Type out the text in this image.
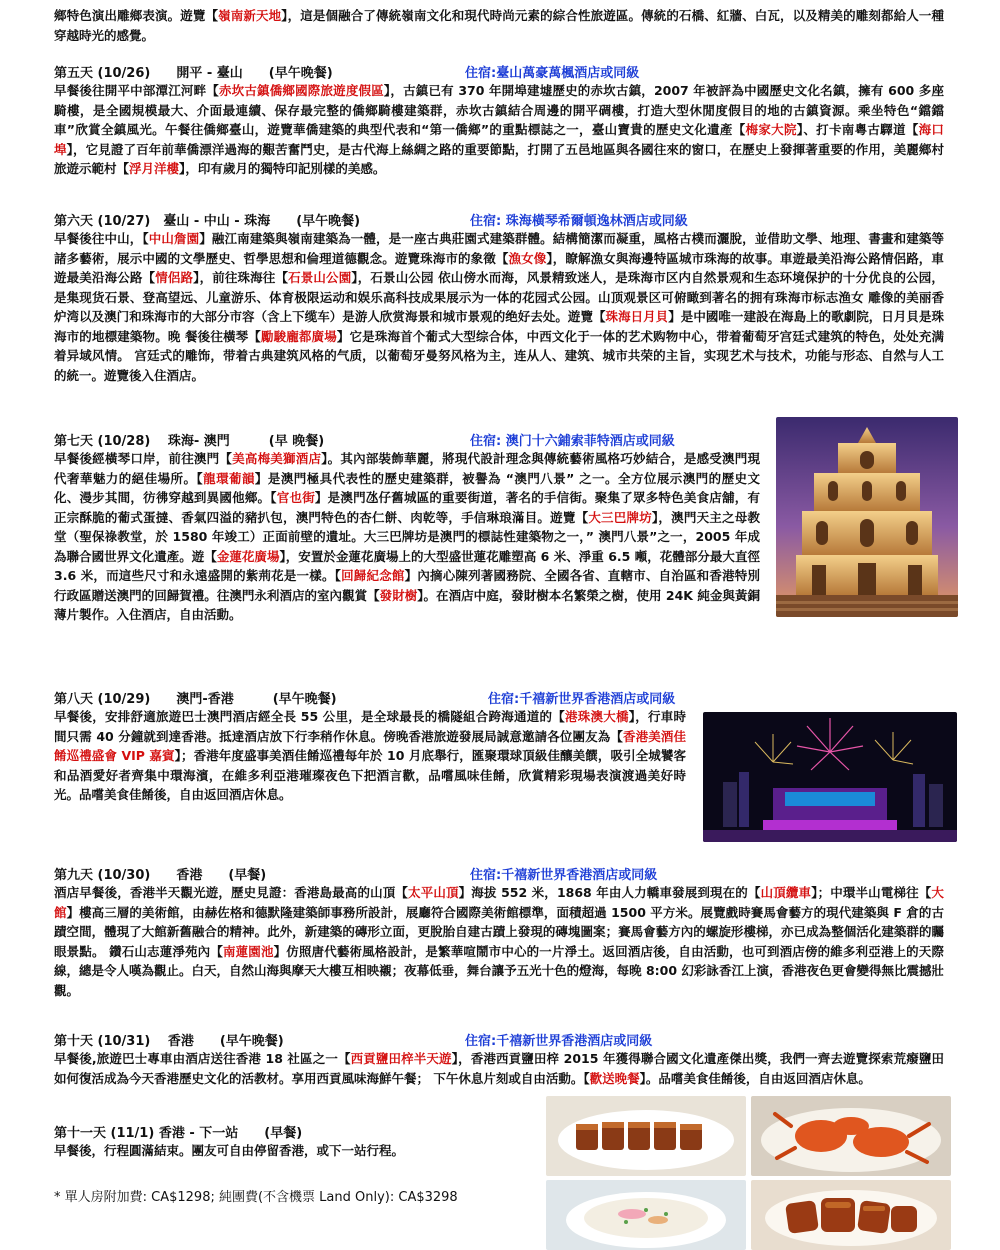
鄉特色演出雕鄉表演。遊覽【嶺南新天地】，這是個融合了傳統嶺南文化和現代時尚元素的綜合性旅遊區。傳統的石橋、紅牆、白瓦，以及精美的雕刻都給人一種穿越時光的感覺。

第五天 (10/26)　　開平 - 臺山　　(早午晚餐)	住宿:臺山萬豪萬楓酒店或同級

早餐後往開平中部潭江河畔【赤坎古鎮僑鄉國際旅遊度假區】，古鎮已有 370 年開埠建墟歷史的赤坎古鎮，2007 年被評為中國歷史文化名鎮，擁有 600 多座騎樓，是全國規模最大、介面最連續、保存最完整的僑鄉騎樓建築群，赤坎古鎮結合周邊的開平碉樓，打造大型休閒度假目的地的古鎮資源。乘坐特色“鐺鐺車”欣賞全鎮風光。午餐往僑鄉臺山，遊覽華僑建築的典型代表和“第一僑鄉”的重點標誌之一，臺山寶貴的歷史文化遺產【梅家大院】、打卡南粵古驛道【海口埠】，它見證了百年前華僑漂洋過海的艱苦奮鬥史，是古代海上絲綢之路的重要節點，打開了五邑地區與各國往來的窗口，在歷史上發揮著重要的作用，美麗鄉村旅遊示範村【浮月洋樓】，印有歲月的獨特印記別樣的美感。

第六天 (10/27)　臺山 - 中山 - 珠海　　(早午晚餐)	住宿: 珠海橫琴希爾頓逸林酒店或同級

早餐後往中山，【中山詹園】融江南建築與嶺南建築為一體，是一座古典莊園式建築群體。結構簡潔而凝重，風格古樸而灑脫，並借助文學、地理、書畫和建築等諸多藝術，展示中國的文學歷史、哲學思想和倫理道德觀念。遊覽珠海市的象徵【漁女像】，瞭解漁女與海邊特區城市珠海的故事。車遊最美沿海公路情侶路，車遊最美沿海公路【情侶路】，前往珠海往【石景山公園】，石景山公园 依山傍水而海，风景精致迷人，是珠海市区内自然景观和生态环境保护的十分优良的公园，是集现货石景、登高望远、儿童游乐、体育极限运动和娱乐高科技成果展示为一体的花园式公园。山顶观景区可俯瞰到著名的拥有珠海市标志渔女 雕像的美丽香炉湾以及澳门和珠海市的大部分市容（含上下缆车）是游人欣赏海景和城市景观的绝好去处。遊覽【珠海日月貝】是中國唯一建設在海島上的歌劇院，日月貝是珠海市的地標建築物。晚 餐後往橫琴【勵駿龐都廣場】它是珠海首个葡式大型综合体，中西文化于一体的艺术购物中心，带着葡萄牙宫廷式建筑的特色，处处充满着异域风情。 宫廷式的雕饰，带着古典建筑风格的气质，以葡萄牙曼努风格为主，连从人、建筑、城市共荣的主旨，实现艺术与技术，功能与形态、自然与人工的統一。遊覽後入住酒店。

第七天 (10/28)　 珠海- 澳門　　　(早 晚餐)	住宿: 澳门十六鋪索菲特酒店或同級

早餐後經橫琴口岸，前往澳門【美高梅美獅酒店】。其內部裝飾華麗，將現代設計理念與傳統藝術風格巧妙結合，是感受澳門現代奢華魅力的絕佳場所。【龍環葡韻】是澳門極具代表性的歷史建築群，被譽為 “澳門八景” 之一。全方位展示澳門的歷史文化、漫步其間，彷彿穿越到異國他鄉。【官也街】是澳門氹仔舊城區的重要街道，著名的手信街。聚集了眾多特色美食店舖，有正宗酥脆的葡式蛋撻、香氣四溢的豬扒包，澳門特色的杏仁餅、肉乾等，手信琳琅滿目。遊覽【大三巴牌坊】，澳門天主之母教堂（聖保祿教堂，於 1580 年竣工）正面前壁的遺址。大三巴牌坊是澳門的標誌性建築物之一，” 澳門八景”之一，2005 年成為聯合國世界文化遺產。遊【金蓮花廣場】，安置於金蓮花廣場上的大型盛世蓮花雕塑高 6 米、淨重 6.5 噸，花體部分最大直徑 3.6 米，而這些尺寸和永遠盛開的紫荊花是一樣。【回歸紀念館】內摘心陳列著國務院、全國各省、直轄市、自治區和香港特別行政區贈送澳門的回歸賀禮。往澳門永利酒店的室內觀賞【發財樹】。在酒店中庭，發財樹本名繁榮之樹，使用 24K 純金與黃銅薄片製作。入住酒店，自由活動。

第八天 (10/29)　　澳門-香港　　　(早午晚餐)	住宿:千禧新世界香港酒店或同級

早餐後，安排舒適旅遊巴士澳門酒店經全長 55 公里，是全球最長的橋隧組合跨海通道的【港珠澳大橋】，行車時間只需 40 分鐘就到達香港。抵達酒店放下行李稍作休息。傍晚香港旅遊發展局誠意邀請各位團友為【香港美酒佳餚巡禮盛會 VIP 嘉賓】；香港年度盛事美酒佳餚巡禮每年於 10 月底舉行，匯聚環球頂級佳釀美饌，吸引全城饕客和品酒愛好者齊集中環海濱，在維多利亞港璀璨夜色下把酒言歡，品嚐風味佳餚，欣賞精彩現場表演渡過美好時光。品嚐美食佳餚後，自由返回酒店休息。

第九天 (10/30)　　香港　　(早餐)	住宿:千禧新世界香港酒店或同級

酒店早餐後，香港半天觀光遊，歷史見證：香港島最高的山頂【太平山頂】海拔 552 米，1868 年由人力轎車發展到現在的【山頂纜車】；中環半山電梯往【大館】樓高三層的美術館，由赫佐格和德默隆建築師事務所設計，展廳符合國際美術館標準，面積超過 1500 平方米。展覽戲時賽馬會藝方的現代建築與 F 倉的古蹟空間，體現了大館新舊融合的精神。此外，新建築的磚形立面，更脫胎自建古蹟上發現的磚塊圖案；賽馬會藝方內的螺旋形樓梯，亦已成為整個活化建築群的矚眼景點。 鑽石山志蓮淨苑內【南蓮園池】仿照唐代藝術風格設計，是繁華喧鬧市中心的一片淨土。返回酒店後，自由活動，也可到酒店傍的維多利亞港上的天際線，總是令人嘆為觀止。白天，自然山海與摩天大樓互相映襯；夜幕低垂，舞台讓予五光十色的燈海，每晚 8:00 幻彩詠香江上演，香港夜色更會變得無比震撼壯觀。

第十天 (10/31)　 香港　　(早午晚餐)	住宿:千禧新世界香港酒店或同級

早餐後,旅遊巴士專車由酒店送往香港 18 社區之一【西貢鹽田梓半天遊】，香港西貢鹽田梓 2015 年獲得聯合國文化遺產傑出獎，我們一齊去遊覽探索荒癈鹽田如何復活成為今天香港歷史文化的活教材。享用西貢風味海鮮午餐； 下午休息片刻或自由活動。【歡送晚餐】。品嚐美食佳餚後，自由返回酒店休息。

第十一天 (11/1) 香港 - 下一站　　(早餐)

早餐後，行程圓滿結束。團友可自由停留香港，或下一站行程。

* 單人房附加費: CA$1298; 純團費(不含機票 Land Only): CA$3298
